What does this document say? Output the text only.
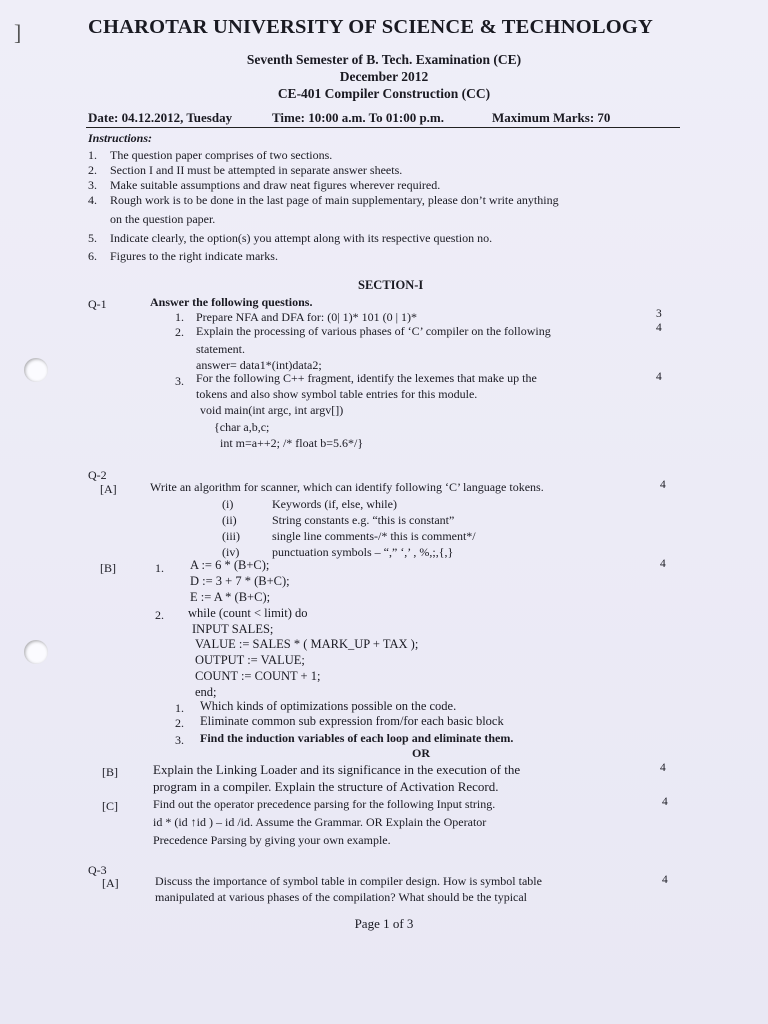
]	CHAROTAR UNIVERSITY OF SCIENCE & TECHNOLOGY
Seventh Semester of B. Tech. Examination (CE)
December 2012
CE-401 Compiler Construction (CC)
Date: 04.12.2012, Tuesday	Time: 10:00 a.m. To 01:00 p.m.	Maximum Marks: 70
Instructions:
1. The question paper comprises of two sections.
2. Section I and II must be attempted in separate answer sheets.
3. Make suitable assumptions and draw neat figures wherever required.
4. Rough work is to be done in the last page of main supplementary, please don’t write anything
on the question paper.
5. Indicate clearly, the option(s) you attempt along with its respective question no.
6. Figures to the right indicate marks.
SECTION-I
Q-1	Answer the following questions.
1. Prepare NFA and DFA for: (0| 1)* 101 (0 | 1)*	3
2. Explain the processing of various phases of ‘C’ compiler on the following	4
statement.
answer= data1*(int)data2;
3. For the following C++ fragment, identify the lexemes that make up the	4
tokens and also show symbol table entries for this module.
void main(int argc, int argv[])
{char a,b,c;
int m=a++2; /* float b=5.6*/}
Q-2
[A]	Write an algorithm for scanner, which can identify following ‘C’ language tokens.	4
(i)	Keywords (if, else, while)
(ii)	String constants e.g. “this is constant”
(iii)	single line comments-/* this is comment*/
(iv)	punctuation symbols – “,” ‘,’ , %,;,{,}
[B]	4
1. A := 6 * (B+C);
D := 3 + 7 * (B+C);
E := A * (B+C);
2. while (count < limit) do
INPUT SALES;
VALUE := SALES * ( MARK_UP + TAX );
OUTPUT := VALUE;
COUNT := COUNT + 1;
end;
1. Which kinds of optimizations possible on the code.
2. Eliminate common sub expression from/for each basic block
3. Find the induction variables of each loop and eliminate them.
OR
[B]	Explain the Linking Loader and its significance in the execution of the	4
program in a compiler. Explain the structure of Activation Record.
[C]	Find out the operator precedence parsing for the following Input string.	4
id * (id ↑id ) – id /id. Assume the Grammar. OR Explain the Operator
Precedence Parsing by giving your own example.
Q-3
[A]	Discuss the importance of symbol table in compiler design. How is symbol table	4
manipulated at various phases of the compilation? What should be the typical
Page 1 of 3
